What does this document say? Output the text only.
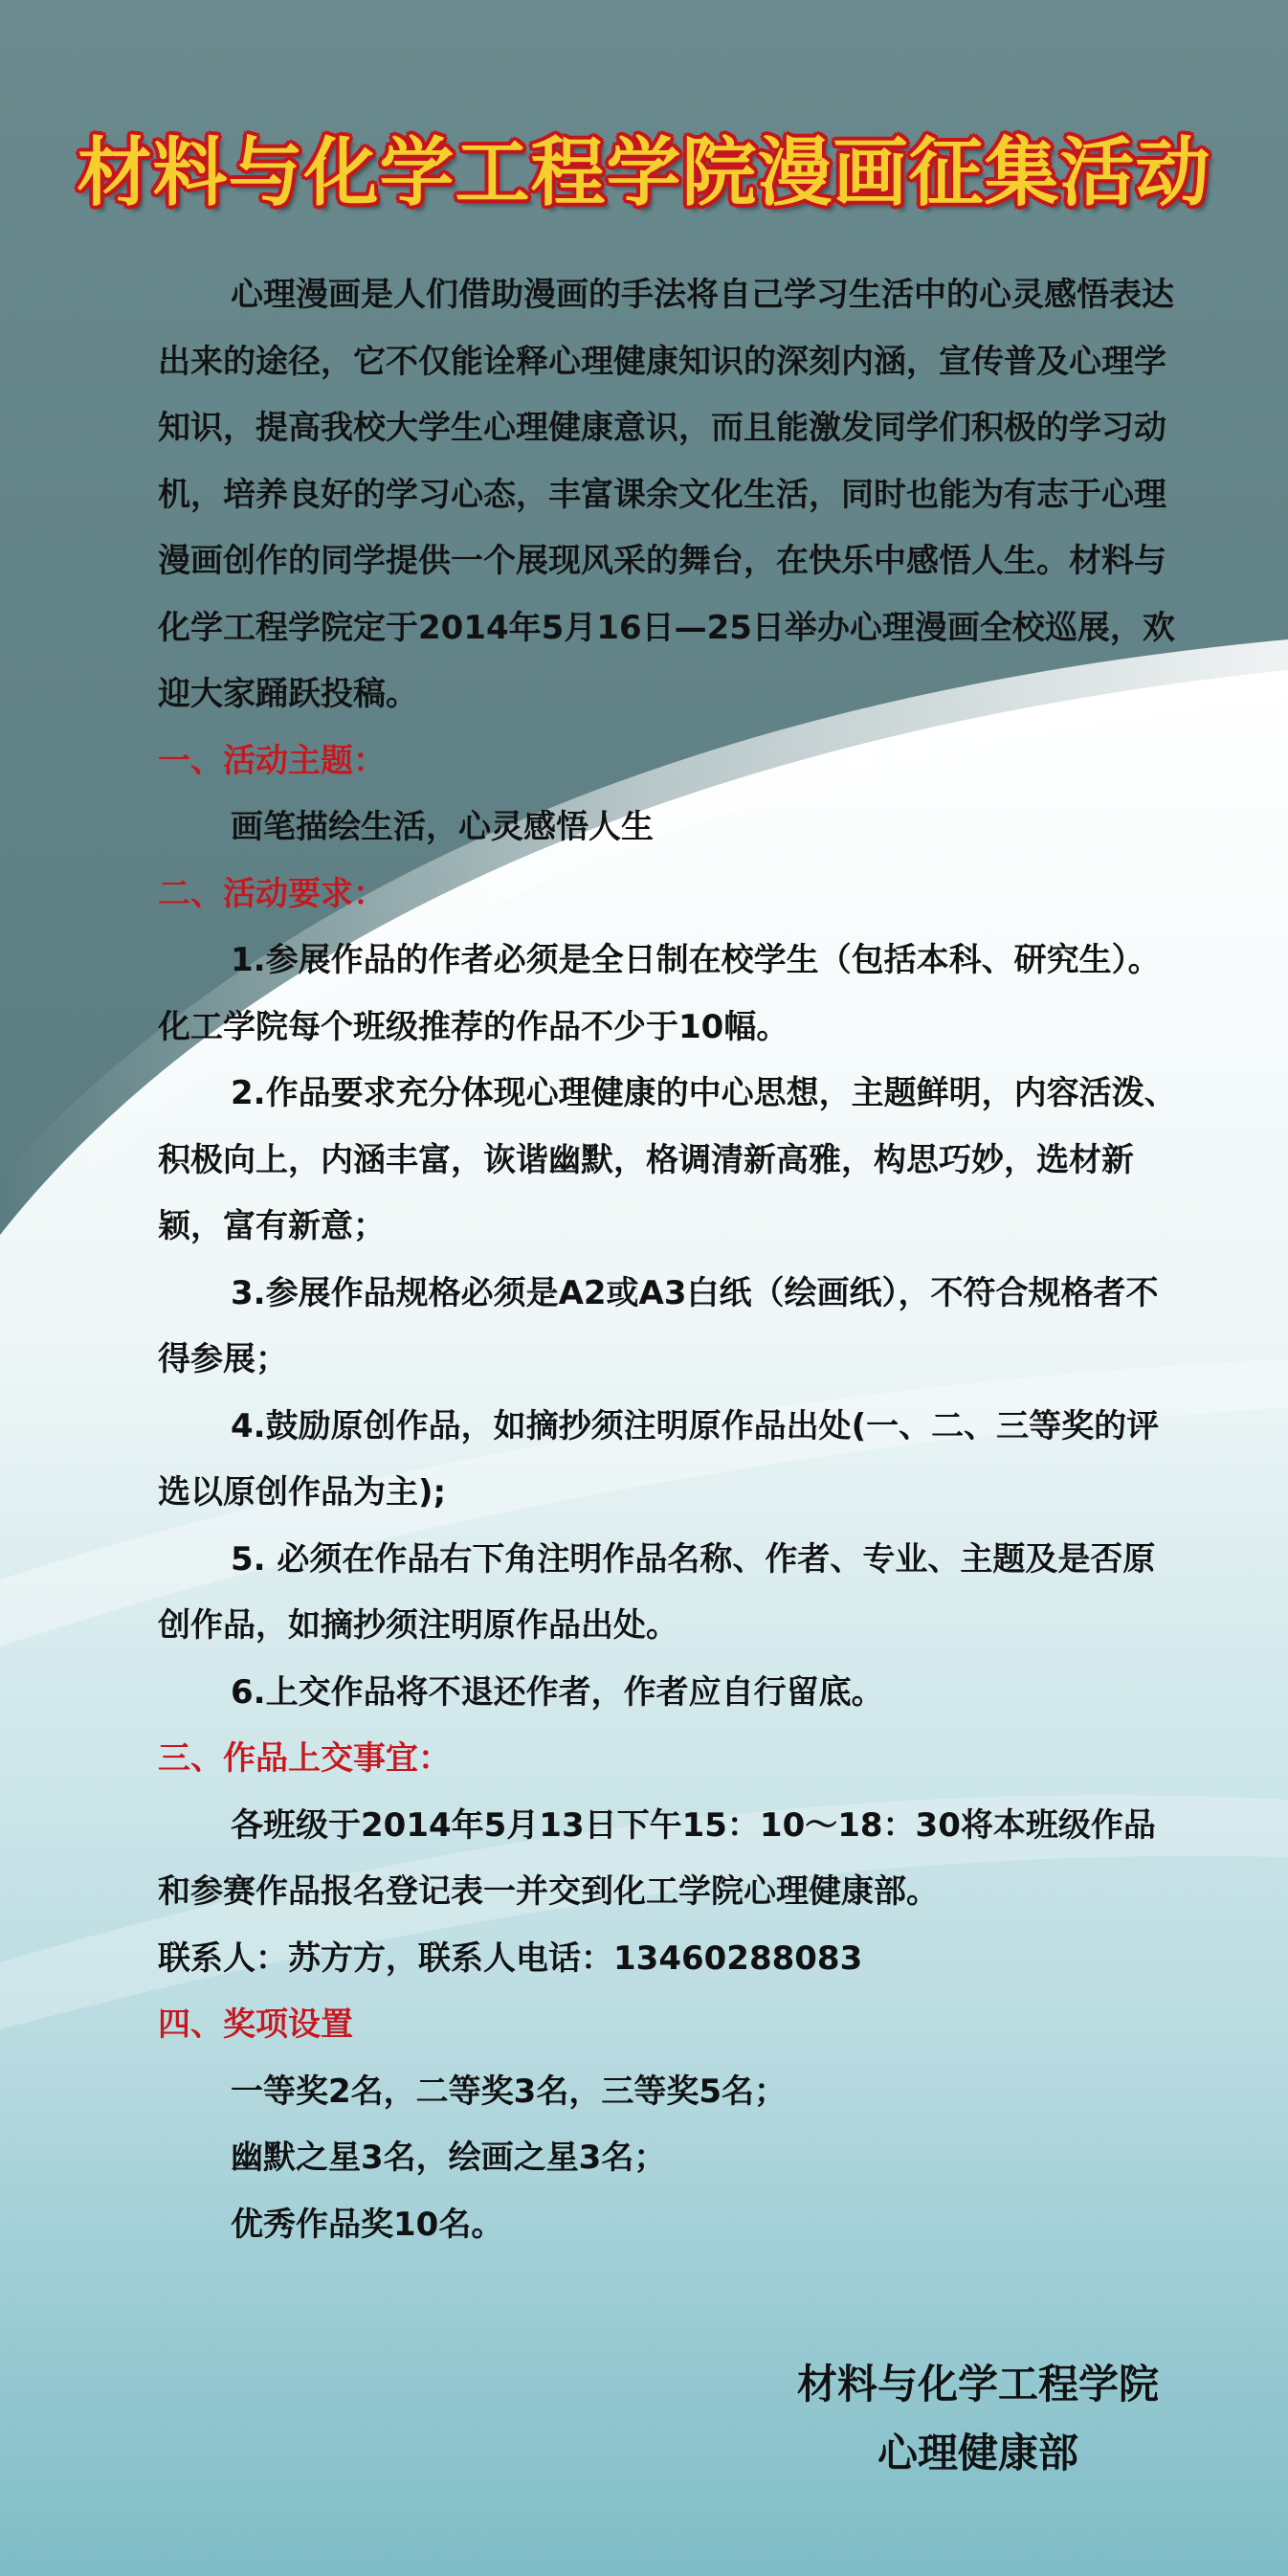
材料与化学工程学院漫画征集活动

心理漫画是人们借助漫画的手法将自己学习生活中的心灵感悟表达出来的途径，它不仅能诠释心理健康知识的深刻内涵，宣传普及心理学知识，提高我校大学生心理健康意识，而且能激发同学们积极的学习动机，培养良好的学习心态，丰富课余文化生活，同时也能为有志于心理漫画创作的同学提供一个展现风采的舞台，在快乐中感悟人生。材料与化学工程学院定于2014年5月16日—25日举办心理漫画全校巡展，欢迎大家踊跃投稿。

一、活动主题：

画笔描绘生活，心灵感悟人生

二、活动要求：

1.参展作品的作者必须是全日制在校学生（包括本科、研究生）。化工学院每个班级推荐的作品不少于10幅。

2.作品要求充分体现心理健康的中心思想，主题鲜明，内容活泼、积极向上，内涵丰富，诙谐幽默，格调清新高雅，构思巧妙，选材新颖，富有新意；

3.参展作品规格必须是A2或A3白纸（绘画纸），不符合规格者不得参展；

4.鼓励原创作品，如摘抄须注明原作品出处(一、二、三等奖的评选以原创作品为主);

5. 必须在作品右下角注明作品名称、作者、专业、主题及是否原创作品，如摘抄须注明原作品出处。

6.上交作品将不退还作者，作者应自行留底。

三、作品上交事宜：

各班级于2014年5月13日下午15：10～18：30将本班级作品和参赛作品报名登记表一并交到化工学院心理健康部。

联系人：苏方方，联系人电话：13460288083

四、奖项设置

一等奖2名，二等奖3名，三等奖5名；

幽默之星3名，绘画之星3名；

优秀作品奖10名。

材料与化学工程学院

心理健康部
